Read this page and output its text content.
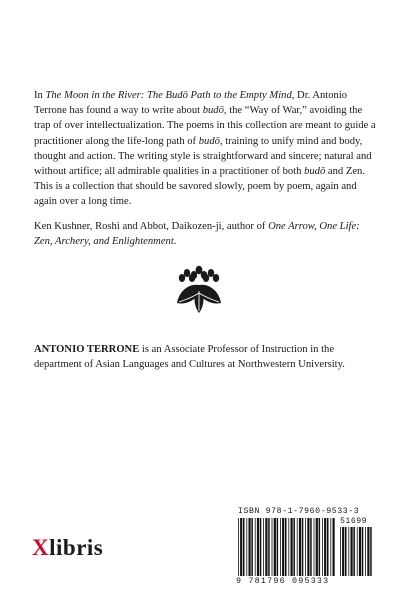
In The Moon in the River: The Budō Path to the Empty Mind, Dr. Antonio Terrone has found a way to write about budō, the “Way of War,” avoiding the trap of over intellectualization. The poems in this collection are meant to guide a practitioner along the life-long path of budō, training to unify mind and body, thought and action. The writing style is straightforward and sincere; natural and without artifice; all admirable qualities in a practitioner of both budō and Zen. This is a collection that should be savored slowly, poem by poem, again and again over a long time.

Ken Kushner, Roshi and Abbot, Daikozen-ji, author of One Arrow, One Life: Zen, Archery, and Enlightenment.

ANTONIO TERRONE is an Associate Professor of Instruction in the department of Asian Languages and Cultures at Northwestern University.
Xlibris
ISBN 978-1-7960-9533-3
51699
9 781796 095333
